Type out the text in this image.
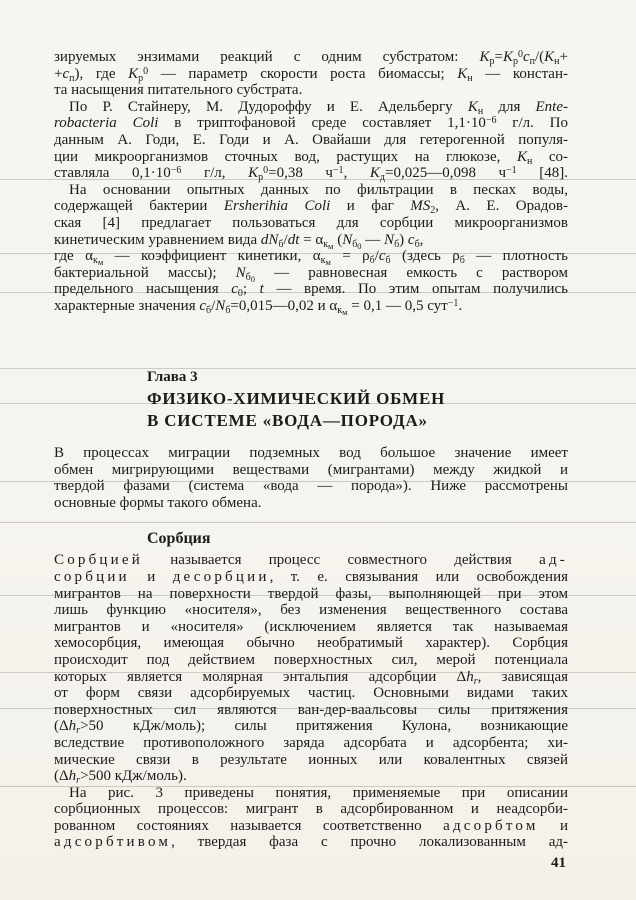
зируемых энзимами реакций с одним субстратом: $K_р=K_р^0c_п/(K_н+$
$+c_п$), где $K_р^0$ — параметр скорости роста биомассы; $K_н$ — констан-
та насыщения питательного субстрата.
По Р. Стайнеру, М. Дудороффу и Е. Адельбергу $K_н$ для Ente-
robacteria Coli в триптофановой среде составляет $1,1\cdot 10^{-6}$ г/л. По
данным А. Годи, Е. Годи и А. Овайаши для гетерогенной популя-
ции микроорганизмов сточных вод, растущих на глюкозе, $K_н$ со-
ставляла $0,1\cdot 10^{-6}$ г/л, $K_р^0=0,38$ $ч^{-1}$, $K_д=0,025—0,098$ $ч^{-1}$ [48].
На основании опытных данных по фильтрации в песках воды,
содержащей бактерии Ersherihia Coli и фаг $MS_2$, А. Е. Орадов-
ская [4] предлагает пользоваться для сорбции микроорганизмов
кинетическим уравнением вида $dN_б/dt = \alpha_{км}$ ($N_{б0}$ — $N_б$) $c_б$,
где $\alpha_{км}$ — коэффициент кинетики, $\alpha_{км} = \rho_б/c_б$ (здесь $\rho_б$ — плотность
бактериальной массы); $N_{б0}$ — равновесная емкость с раствором
предельного насыщения $c_0$; t — время. По этим опытам получились
характерные значения $c_б/N_б=0,015—0,02$ и $\alpha_{км} = 0,1$ — 0,5 сут$^{-1}$.
Глава 3
ФИЗИКО-ХИМИЧЕСКИЙ ОБМЕН
В СИСТЕМЕ «ВОДА—ПОРОДА»
В процессах миграции подземных вод большое значение имеет
обмен мигрирующими веществами (мигрантами) между жидкой и
твердой фазами (система «вода — порода»). Ниже рассмотрены
основные формы такого обмена.
Сорбция
Сорбцией называется процесс совместного действия ад-
сорбции и десорбции, т. е. связывания или освобождения
мигрантов на поверхности твердой фазы, выполняющей при этом
лишь функцию «носителя», без изменения вещественного состава
мигрантов и «носителя» (исключением является так называемая
хемосорбция, имеющая обычно необратимый характер). Сорбция
происходит под действием поверхностных сил, мерой потенциала
которых является молярная энтальпия адсорбции $\Delta h_r$, зависящая
от форм связи адсорбируемых частиц. Основными видами таких
поверхностных сил являются ван-дер-ваальсовы силы притяжения
($\Delta h_r>50$ кДж/моль); силы притяжения Кулона, возникающие
вследствие противоположного заряда адсорбата и адсорбента; хи-
мические связи в результате ионных или ковалентных связей
($\Delta h_r>500$ кДж/моль).
На рис. 3 приведены понятия, применяемые при описании
сорбционных процессов: мигрант в адсорбированном и неадсорби-
рованном состояниях называется соответственно адсорбтом и
адсорбтивом, твердая фаза с прочно локализованным ад-
41
